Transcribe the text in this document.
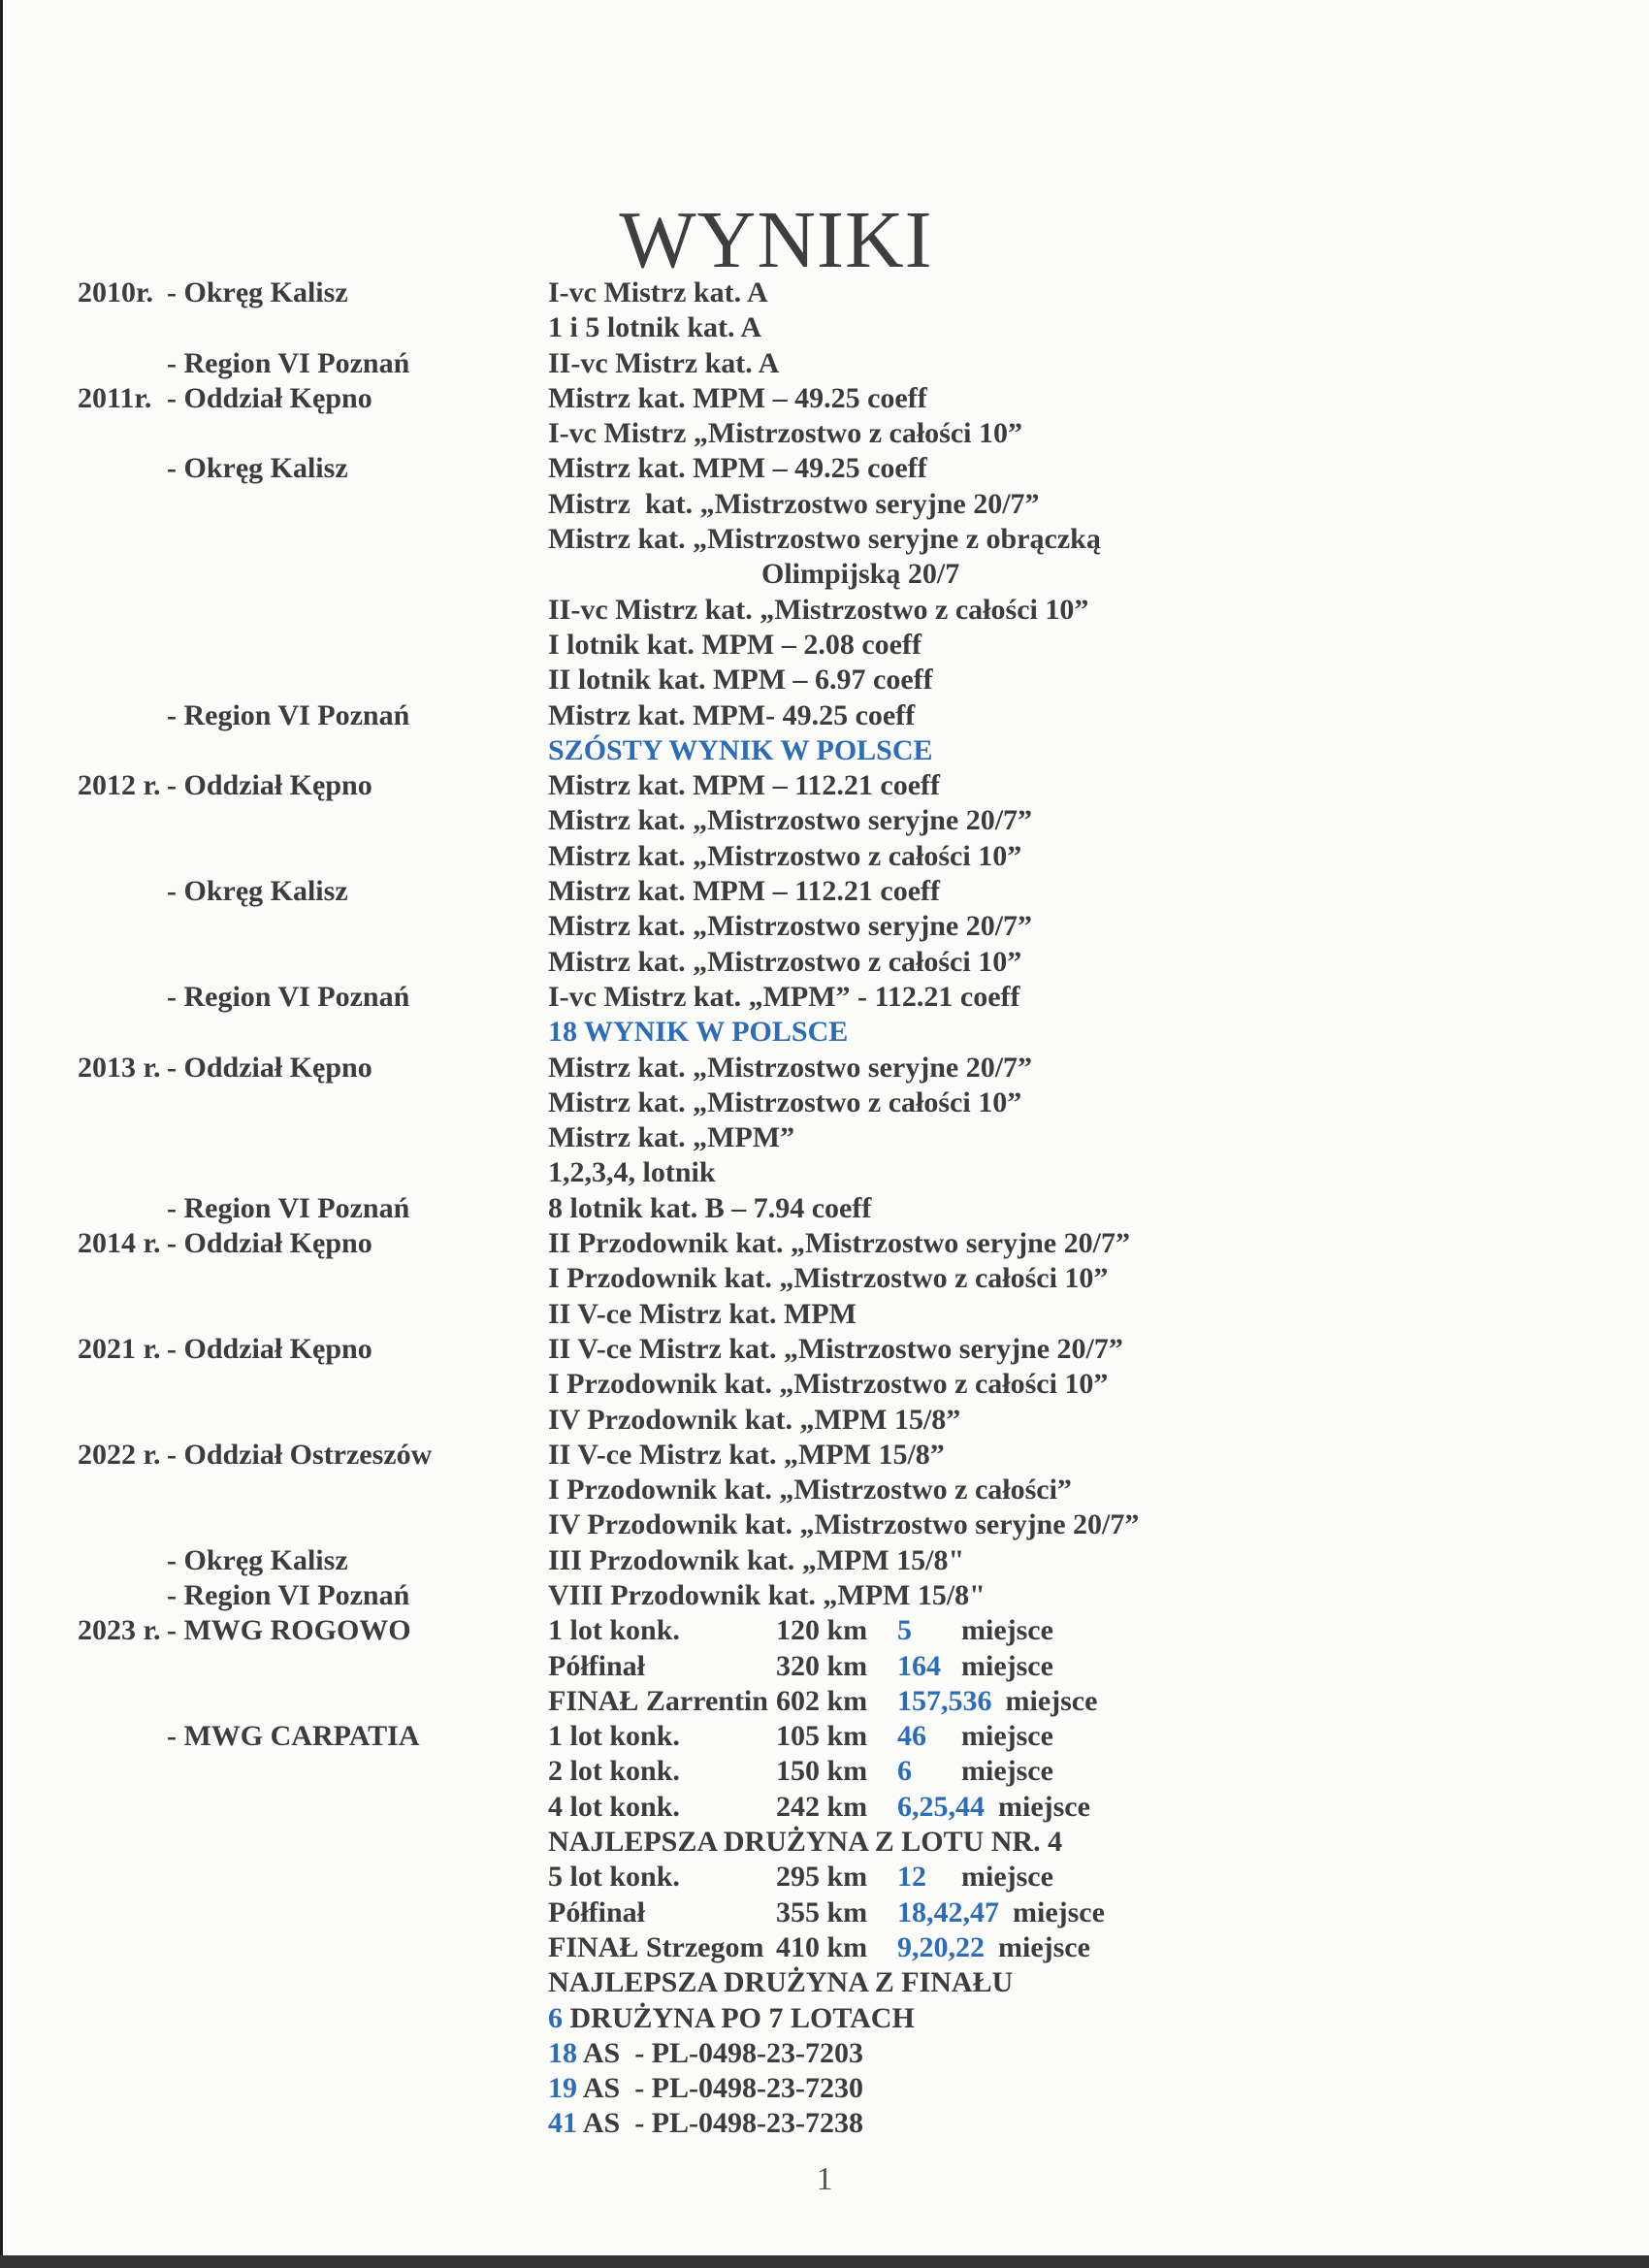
WYNIKI
2010r. - Okręg Kalisz	I-vc Mistrz kat. A
1 i 5 lotnik kat. A
- Region VI Poznań	II-vc Mistrz kat. A
2011r. - Oddział Kępno	Mistrz kat. MPM – 49.25 coeff
I-vc Mistrz „Mistrzostwo z całości 10”
- Okręg Kalisz	Mistrz kat. MPM – 49.25 coeff
Mistrz  kat. „Mistrzostwo seryjne 20/7”
Mistrz kat. „Mistrzostwo seryjne z obrączką
Olimpijską 20/7
II-vc Mistrz kat. „Mistrzostwo z całości 10”
I lotnik kat. MPM – 2.08 coeff
II lotnik kat. MPM – 6.97 coeff
- Region VI Poznań	Mistrz kat. MPM- 49.25 coeff
SZÓSTY WYNIK W POLSCE
2012 r. - Oddział Kępno	Mistrz kat. MPM – 112.21 coeff
Mistrz kat. „Mistrzostwo seryjne 20/7”
Mistrz kat. „Mistrzostwo z całości 10”
- Okręg Kalisz	Mistrz kat. MPM – 112.21 coeff
Mistrz kat. „Mistrzostwo seryjne 20/7”
Mistrz kat. „Mistrzostwo z całości 10”
- Region VI Poznań	I-vc Mistrz kat. „MPM” - 112.21 coeff
18 WYNIK W POLSCE
2013 r. - Oddział Kępno	Mistrz kat. „Mistrzostwo seryjne 20/7”
Mistrz kat. „Mistrzostwo z całości 10”
Mistrz kat. „MPM”
1,2,3,4, lotnik
- Region VI Poznań	8 lotnik kat. B – 7.94 coeff
2014 r. - Oddział Kępno	II Przodownik kat. „Mistrzostwo seryjne 20/7”
I Przodownik kat. „Mistrzostwo z całości 10”
II V-ce Mistrz kat. MPM
2021 r. - Oddział Kępno	II V-ce Mistrz kat. „Mistrzostwo seryjne 20/7”
I Przodownik kat. „Mistrzostwo z całości 10”
IV Przodownik kat. „MPM 15/8”
2022 r. - Oddział Ostrzeszów	II V-ce Mistrz kat. „MPM 15/8”
I Przodownik kat. „Mistrzostwo z całości”
IV Przodownik kat. „Mistrzostwo seryjne 20/7”
- Okręg Kalisz	III Przodownik kat. „MPM 15/8"
- Region VI Poznań	VIII Przodownik kat. „MPM 15/8"
2023 r. - MWG ROGOWO	1 lot konk.	120 km 5 miejsce
Półfinał	320 km 164 miejsce
FINAŁ Zarrentin 602 km 157,536 miejsce
- MWG CARPATIA	1 lot konk.	105 km 46 miejsce
2 lot konk.	150 km 6 miejsce
4 lot konk.	242 km 6,25,44 miejsce
NAJLEPSZA DRUŻYNA Z LOTU NR. 4
5 lot konk.	295 km 12 miejsce
Półfinał	355 km 18,42,47 miejsce
FINAŁ Strzegom 410 km 9,20,22 miejsce
NAJLEPSZA DRUŻYNA Z FINAŁU
6 DRUŻYNA PO 7 LOTACH
18 AS  - PL-0498-23-7203
19 AS  - PL-0498-23-7230
41 AS  - PL-0498-23-7238
1
